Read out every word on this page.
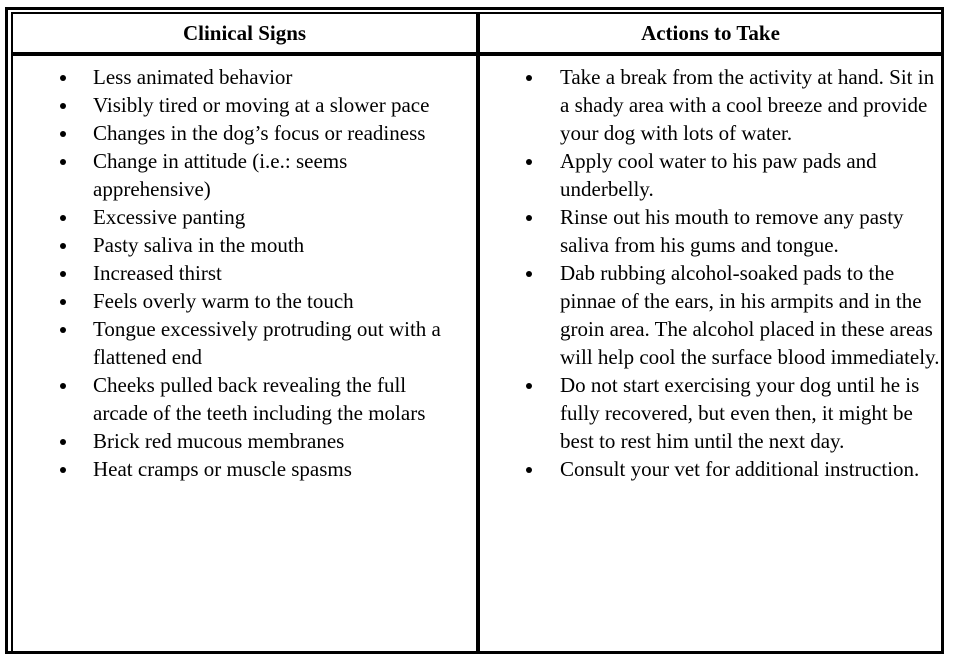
Clinical Signs	Actions to Take
Less animated behavior
Visibly tired or moving at a slower pace
Changes in the dog’s focus or readiness
Change in attitude (i.e.: seems apprehensive)
Excessive panting
Pasty saliva in the mouth
Increased thirst
Feels overly warm to the touch
Tongue excessively protruding out with a flattened end
Cheeks pulled back revealing the full arcade of the teeth including the molars
Brick red mucous membranes
Heat cramps or muscle spasms
Take a break from the activity at hand. Sit in a shady area with a cool breeze and provide your dog with lots of water.
Apply cool water to his paw pads and underbelly.
Rinse out his mouth to remove any pasty saliva from his gums and tongue.
Dab rubbing alcohol-soaked pads to the pinnae of the ears, in his armpits and in the groin area. The alcohol placed in these areas will help cool the surface blood immediately.
Do not start exercising your dog until he is fully recovered, but even then, it might be best to rest him until the next day.
Consult your vet for additional instruction.
